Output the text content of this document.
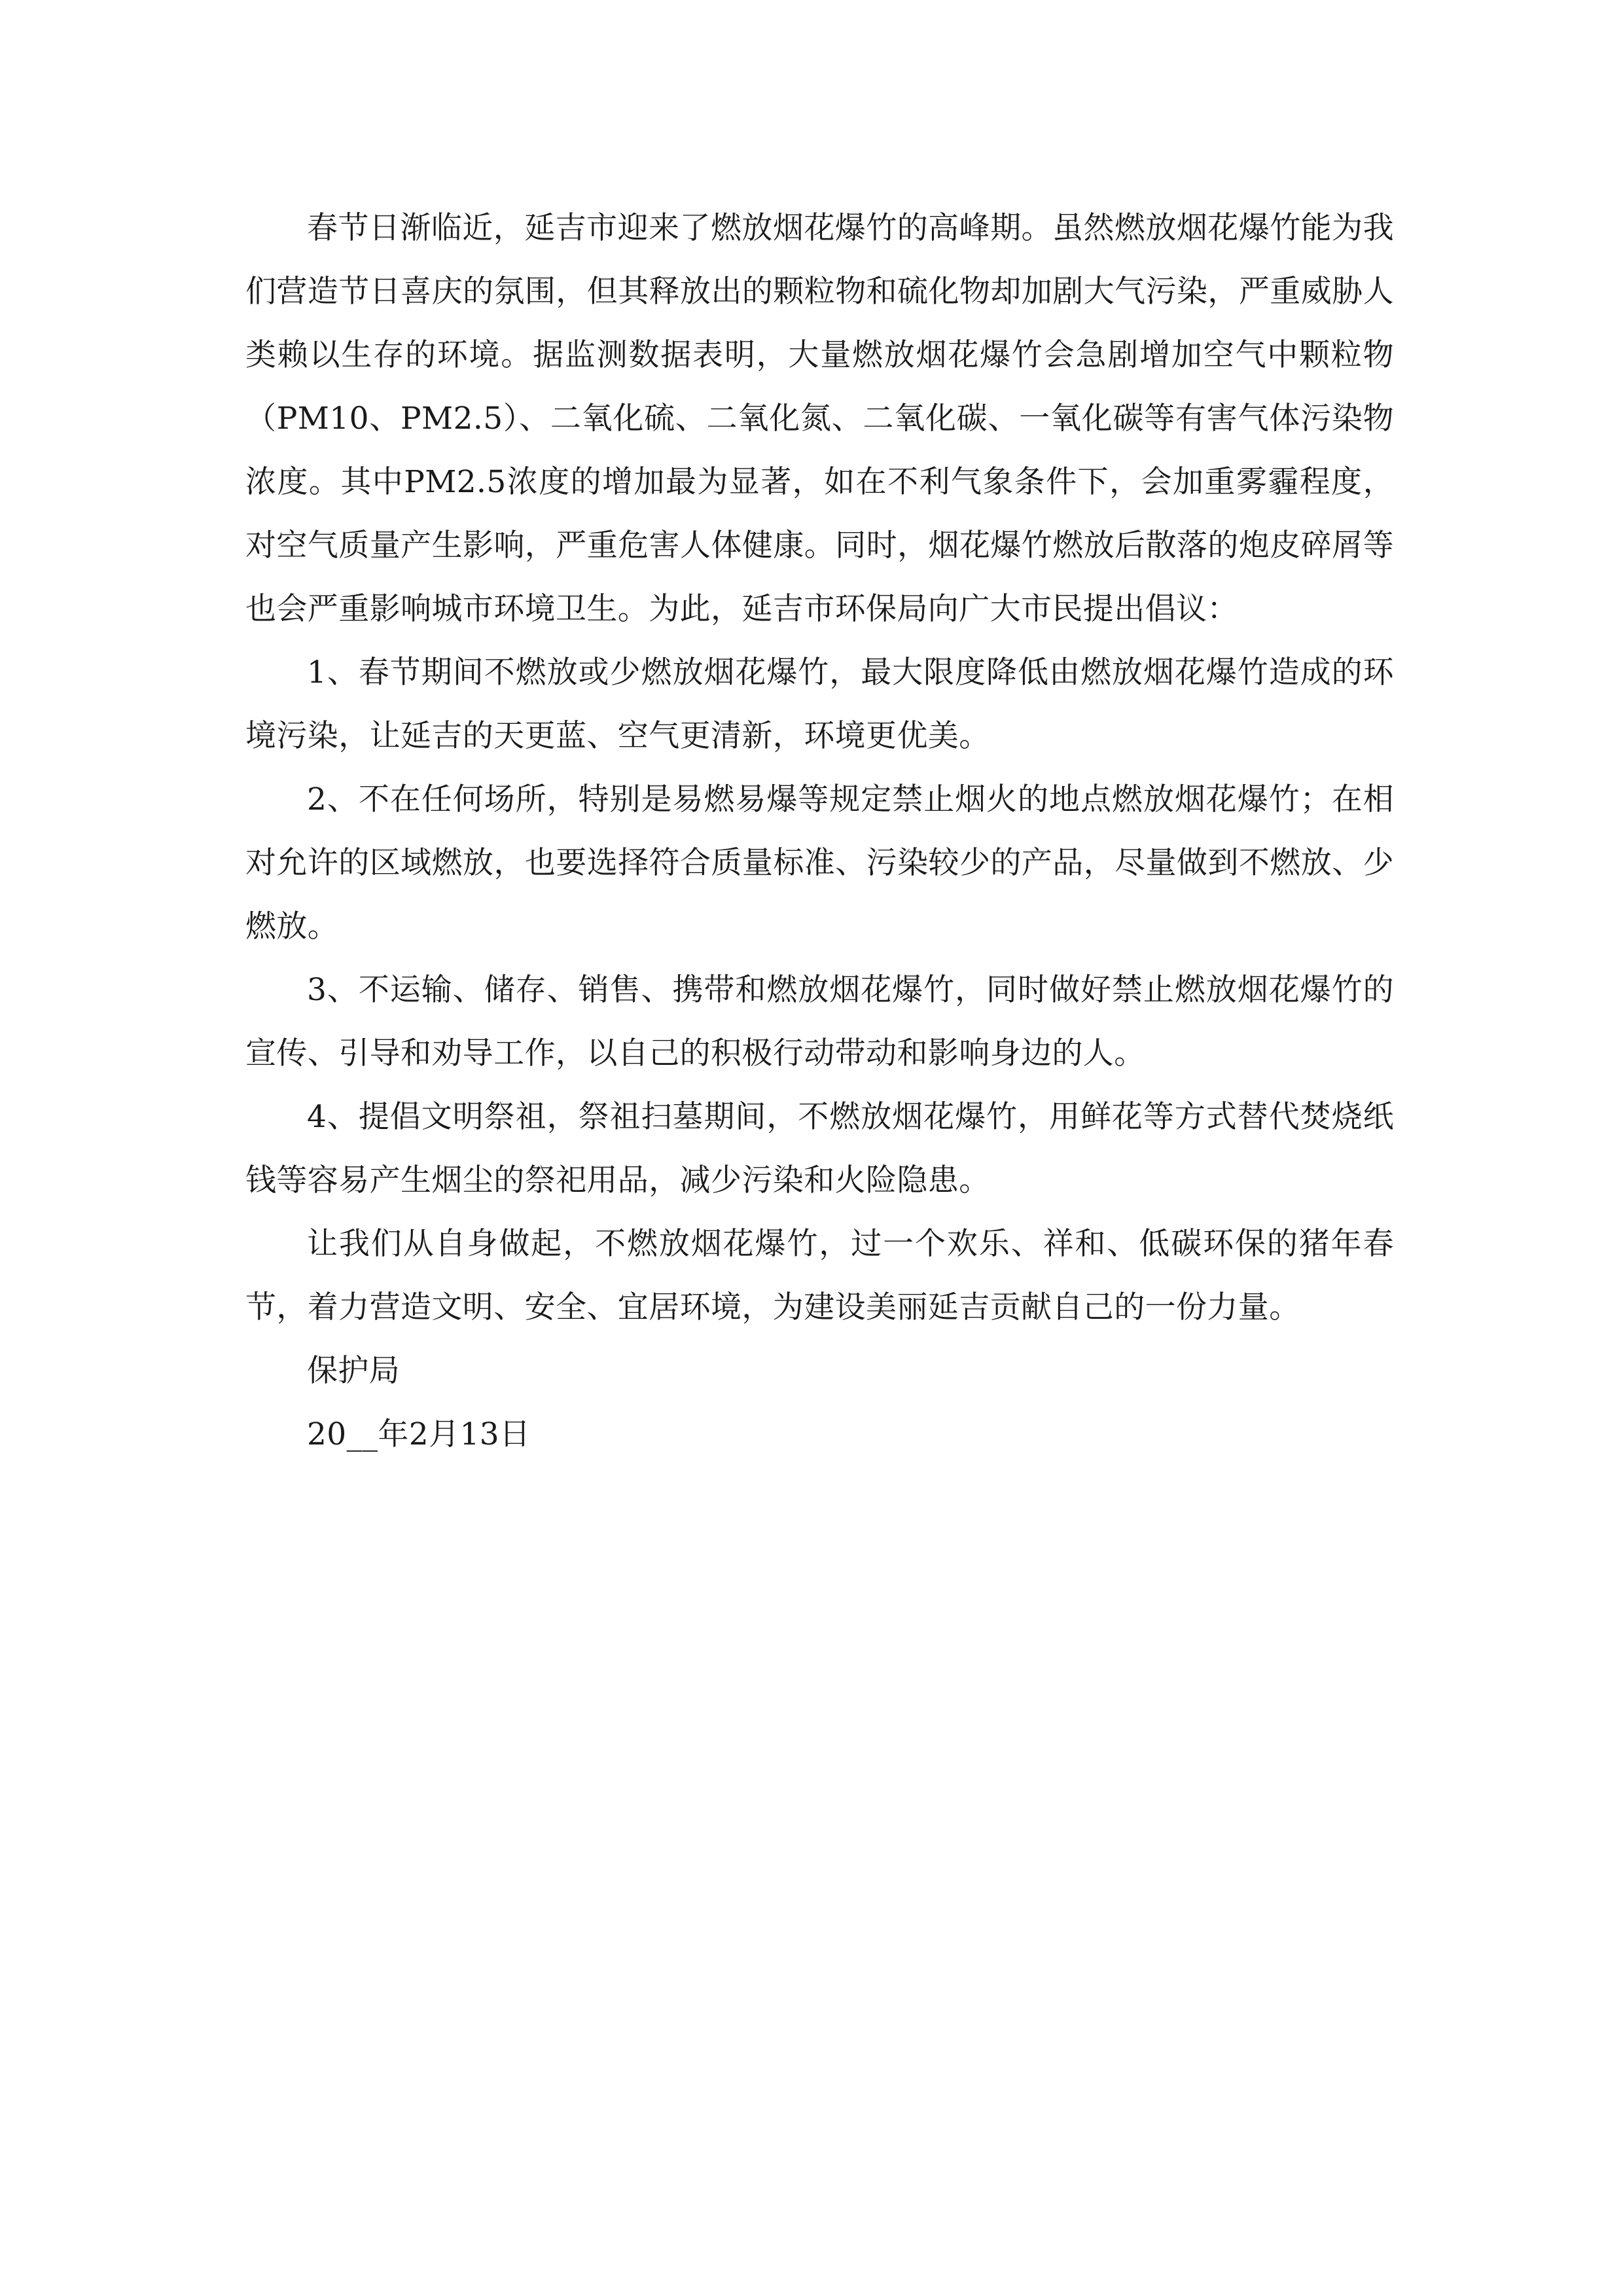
春节日渐临近，延吉市迎来了燃放烟花爆竹的高峰期。虽然燃放烟花爆竹能为我们营造节日喜庆的氛围，但其释放出的颗粒物和硫化物却加剧大气污染，严重威胁人类赖以生存的环境。据监测数据表明，大量燃放烟花爆竹会急剧增加空气中颗粒物（PM10、PM2.5）、二氧化硫、二氧化氮、二氧化碳、一氧化碳等有害气体污染物浓度。其中PM2.5浓度的增加最为显著，如在不利气象条件下，会加重雾霾程度，对空气质量产生影响，严重危害人体健康。同时，烟花爆竹燃放后散落的炮皮碎屑等也会严重影响城市环境卫生。为此，延吉市环保局向广大市民提出倡议：

1、春节期间不燃放或少燃放烟花爆竹，最大限度降低由燃放烟花爆竹造成的环境污染，让延吉的天更蓝、空气更清新，环境更优美。

2、不在任何场所，特别是易燃易爆等规定禁止烟火的地点燃放烟花爆竹；在相对允许的区域燃放，也要选择符合质量标准、污染较少的产品，尽量做到不燃放、少燃放。

3、不运输、储存、销售、携带和燃放烟花爆竹，同时做好禁止燃放烟花爆竹的宣传、引导和劝导工作，以自己的积极行动带动和影响身边的人。

4、提倡文明祭祖，祭祖扫墓期间，不燃放烟花爆竹，用鲜花等方式替代焚烧纸钱等容易产生烟尘的祭祀用品，减少污染和火险隐患。

让我们从自身做起，不燃放烟花爆竹，过一个欢乐、祥和、低碳环保的猪年春节，着力营造文明、安全、宜居环境，为建设美丽延吉贡献自己的一份力量。

保护局

20__年2月13日
